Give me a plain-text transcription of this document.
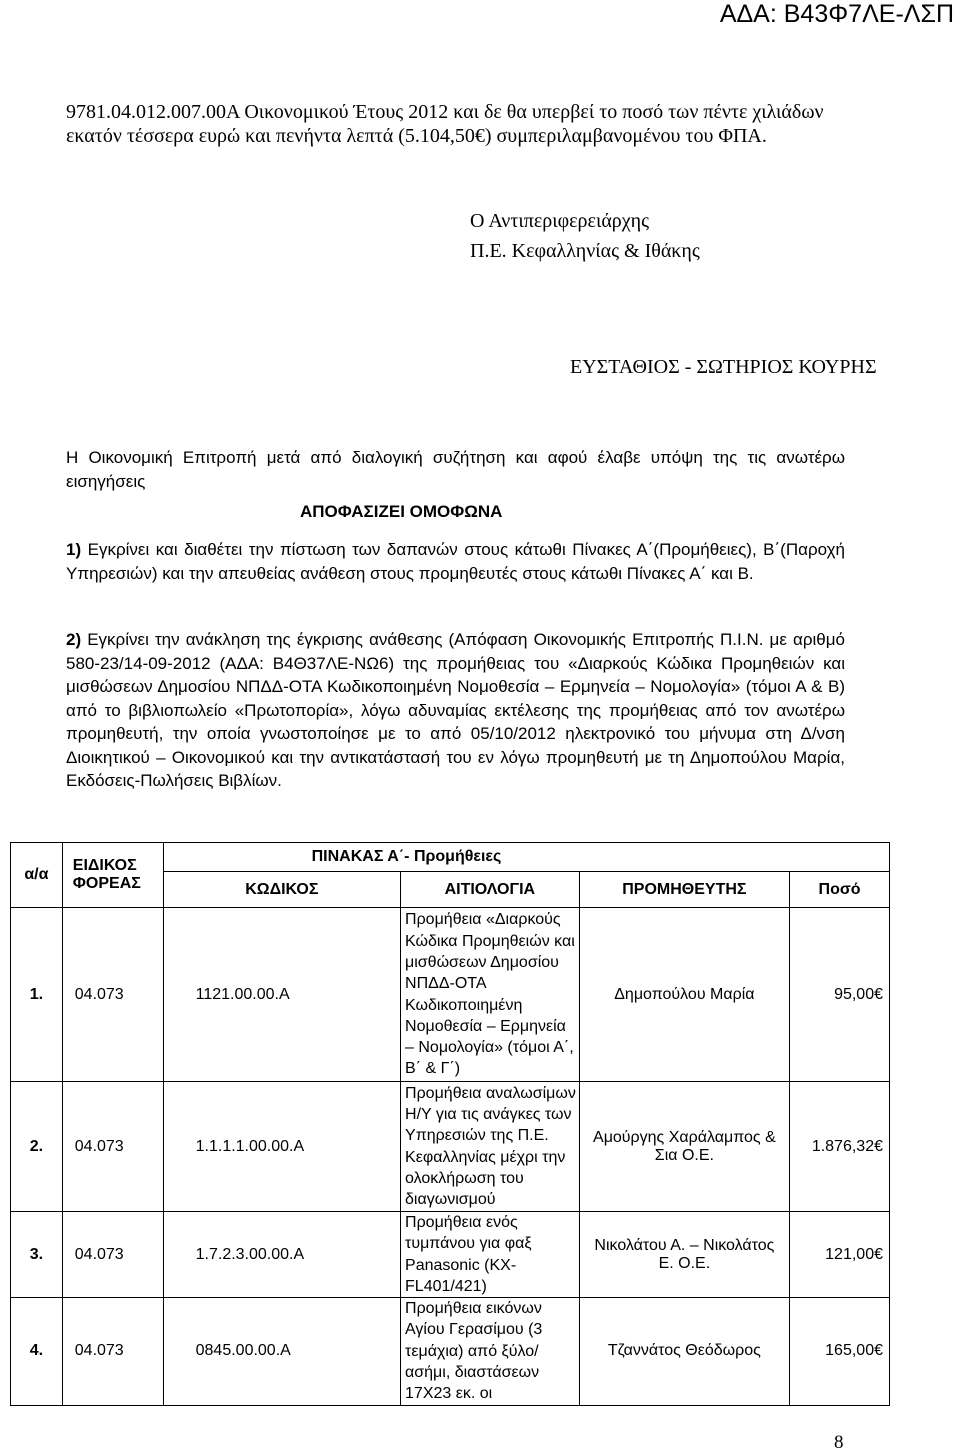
ΑΔΑ: Β43Φ7ΛΕ-ΛΣΠ
9781.04.012.007.00Α Οικονομικού Έτους 2012 και δε θα υπερβεί το ποσό των πέντε χιλιάδων εκατόν τέσσερα ευρώ και πενήντα λεπτά (5.104,50€) συμπεριλαμβανομένου του ΦΠΑ.
Ο Αντιπεριφερειάρχης
Π.Ε. Κεφαλληνίας & Ιθάκης
ΕΥΣΤΑΘΙΟΣ - ΣΩΤΗΡΙΟΣ ΚΟΥΡΗΣ
Η Οικονομική Επιτροπή μετά από διαλογική συζήτηση και αφού έλαβε υπόψη της τις ανωτέρω εισηγήσεις
ΑΠΟΦΑΣΙΖΕΙ ΟΜΟΦΩΝΑ
1) Εγκρίνει και διαθέτει την πίστωση των δαπανών στους κάτωθι Πίνακες Α΄(Προμήθειες), Β΄(Παροχή Υπηρεσιών) και την απευθείας ανάθεση στους προμηθευτές στους κάτωθι Πίνακες Α΄ και Β.
2) Εγκρίνει την ανάκληση της έγκρισης ανάθεσης (Απόφαση Οικονομικής Επιτροπής Π.Ι.Ν. με αριθμό 580-23/14-09-2012 (ΑΔΑ: Β4Θ37ΛΕ-ΝΩ6) της προμήθειας του «Διαρκούς Κώδικα Προμηθειών και μισθώσεων Δημοσίου ΝΠΔΔ-ΟΤΑ Κωδικοποιημένη Νομοθεσία – Ερμηνεία – Νομολογία» (τόμοι Α & Β) από το βιβλιοπωλείο «Πρωτοπορία», λόγω αδυναμίας εκτέλεσης της προμήθειας από τον ανωτέρω προμηθευτή, την οποία γνωστοποίησε με το από 05/10/2012 ηλεκτρονικό του μήνυμα στη Δ/νση Διοικητικού – Οικονομικού και την αντικατάστασή του εν λόγω προμηθευτή με τη Δημοπούλου Μαρία, Εκδόσεις-Πωλήσεις Βιβλίων.
α/α	ΕΙΔΙΚΟΣ ΦΟΡΕΑΣ	ΠΙΝΑΚΑΣ Α΄- Προμήθειες			
		ΚΩΔΙΚΟΣ	ΑΙΤΙΟΛΟΓΙΑ	ΠΡΟΜΗΘΕΥΤΗΣ	Ποσό
1.	04.073	1121.00.00.Α	Προμήθεια «Διαρκούς Κώδικα Προμηθειών και μισθώσεων Δημοσίου ΝΠΔΔ-ΟΤΑ Κωδικοποιημένη Νομοθεσία – Ερμηνεία – Νομολογία» (τόμοι Α΄, Β΄ & Γ΄)	Δημοπούλου Μαρία	95,00€
2.	04.073	1.1.1.1.00.00.Α	Προμήθεια αναλωσίμων Η/Υ για τις ανάγκες των Υπηρεσιών της Π.Ε. Κεφαλληνίας μέχρι την ολοκλήρωση του διαγωνισμού	Αμούργης Χαράλαμπος & Σια Ο.Ε.	1.876,32€
3.	04.073	1.7.2.3.00.00.Α	Προμήθεια ενός τυμπάνου για φαξ Panasonic (KX-FL401/421)	Νικολάτου Α. – Νικολάτος Ε. Ο.Ε.	121,00€
4.	04.073	0845.00.00.Α	Προμήθεια εικόνων Αγίου Γερασίμου (3 τεμάχια) από ξύλο/ασήμι, διαστάσεων 17Χ23 εκ. οι	Τζαννάτος Θεόδωρος	165,00€
8
